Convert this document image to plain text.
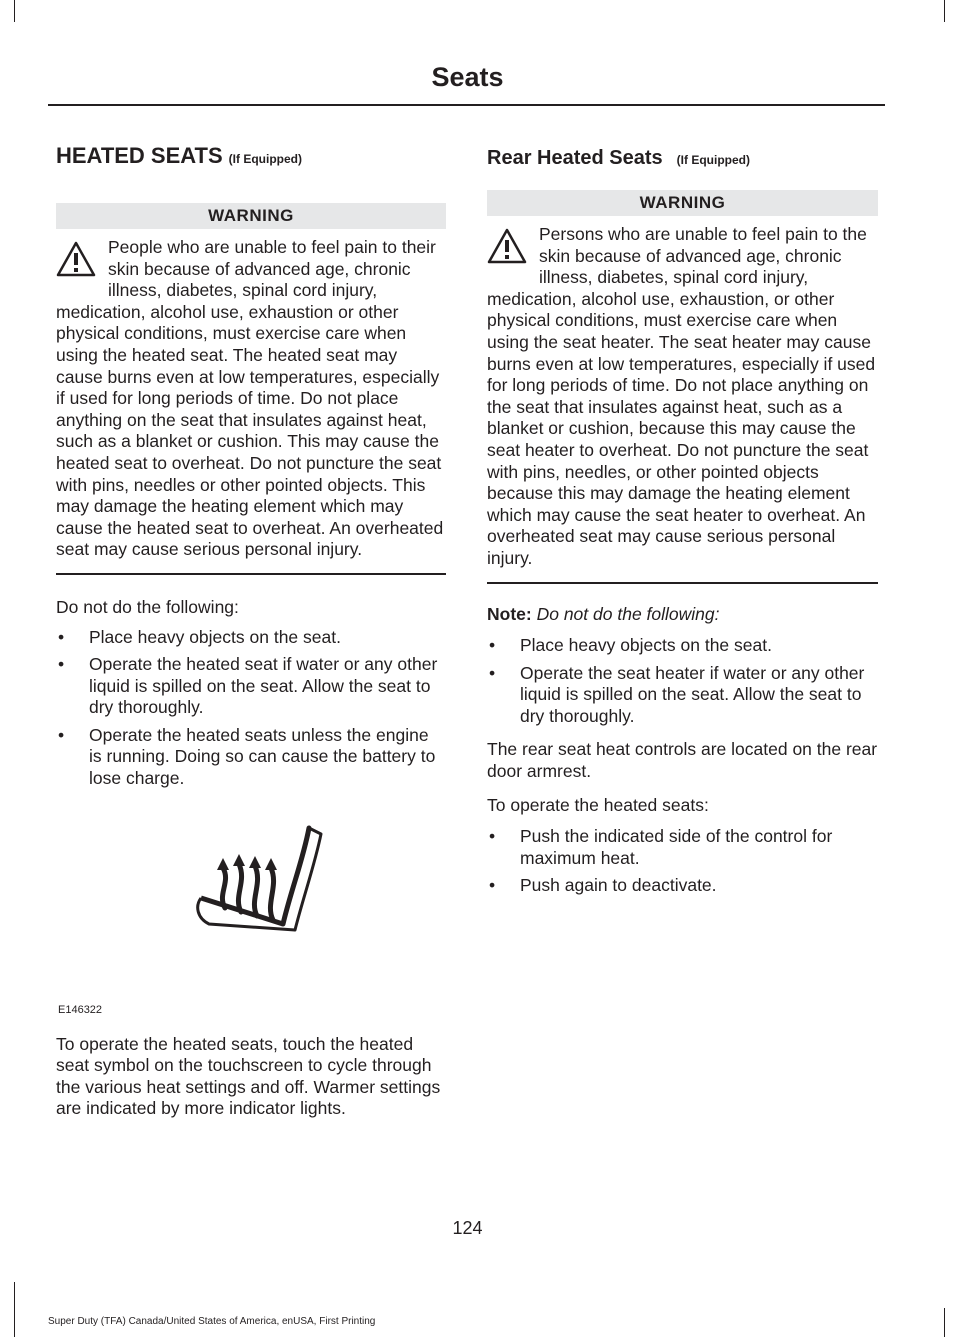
Seats
HEATED SEATS (If Equipped)
WARNING
People who are unable to feel pain to their skin because of advanced age, chronic illness, diabetes, spinal cord injury, medication, alcohol use, exhaustion or other physical conditions, must exercise care when using the heated seat. The heated seat may cause burns even at low temperatures, especially if used for long periods of time. Do not place anything on the seat that insulates against heat, such as a blanket or cushion. This may cause the heated seat to overheat. Do not puncture the seat with pins, needles or other pointed objects. This may damage the heating element which may cause the heated seat to overheat. An overheated seat may cause serious personal injury.

Do not do the following:

• Place heavy objects on the seat.
• Operate the heated seat if water or any other liquid is spilled on the seat. Allow the seat to dry thoroughly.
• Operate the heated seats unless the engine is running. Doing so can cause the battery to lose charge.
E146322

To operate the heated seats, touch the heated seat symbol on the touchscreen to cycle through the various heat settings and off. Warmer settings are indicated by more indicator lights.

Rear Heated Seats (If Equipped)
WARNING
Persons who are unable to feel pain to the skin because of advanced age, chronic illness, diabetes, spinal cord injury, medication, alcohol use, exhaustion, or other physical conditions, must exercise care when using the seat heater. The seat heater may cause burns even at low temperatures, especially if used for long periods of time. Do not place anything on the seat that insulates against heat, such as a blanket or cushion, because this may cause the seat heater to overheat. Do not puncture the seat with pins, needles, or other pointed objects because this may damage the heating element which may cause the seat heater to overheat. An overheated seat may cause serious personal injury.

Note: Do not do the following:

• Place heavy objects on the seat.
• Operate the seat heater if water or any other liquid is spilled on the seat. Allow the seat to dry thoroughly.

The rear seat heat controls are located on the rear door armrest.

To operate the heated seats:

• Push the indicated side of the control for maximum heat.
• Push again to deactivate.
124
Super Duty (TFA) Canada/United States of America, enUSA, First Printing
